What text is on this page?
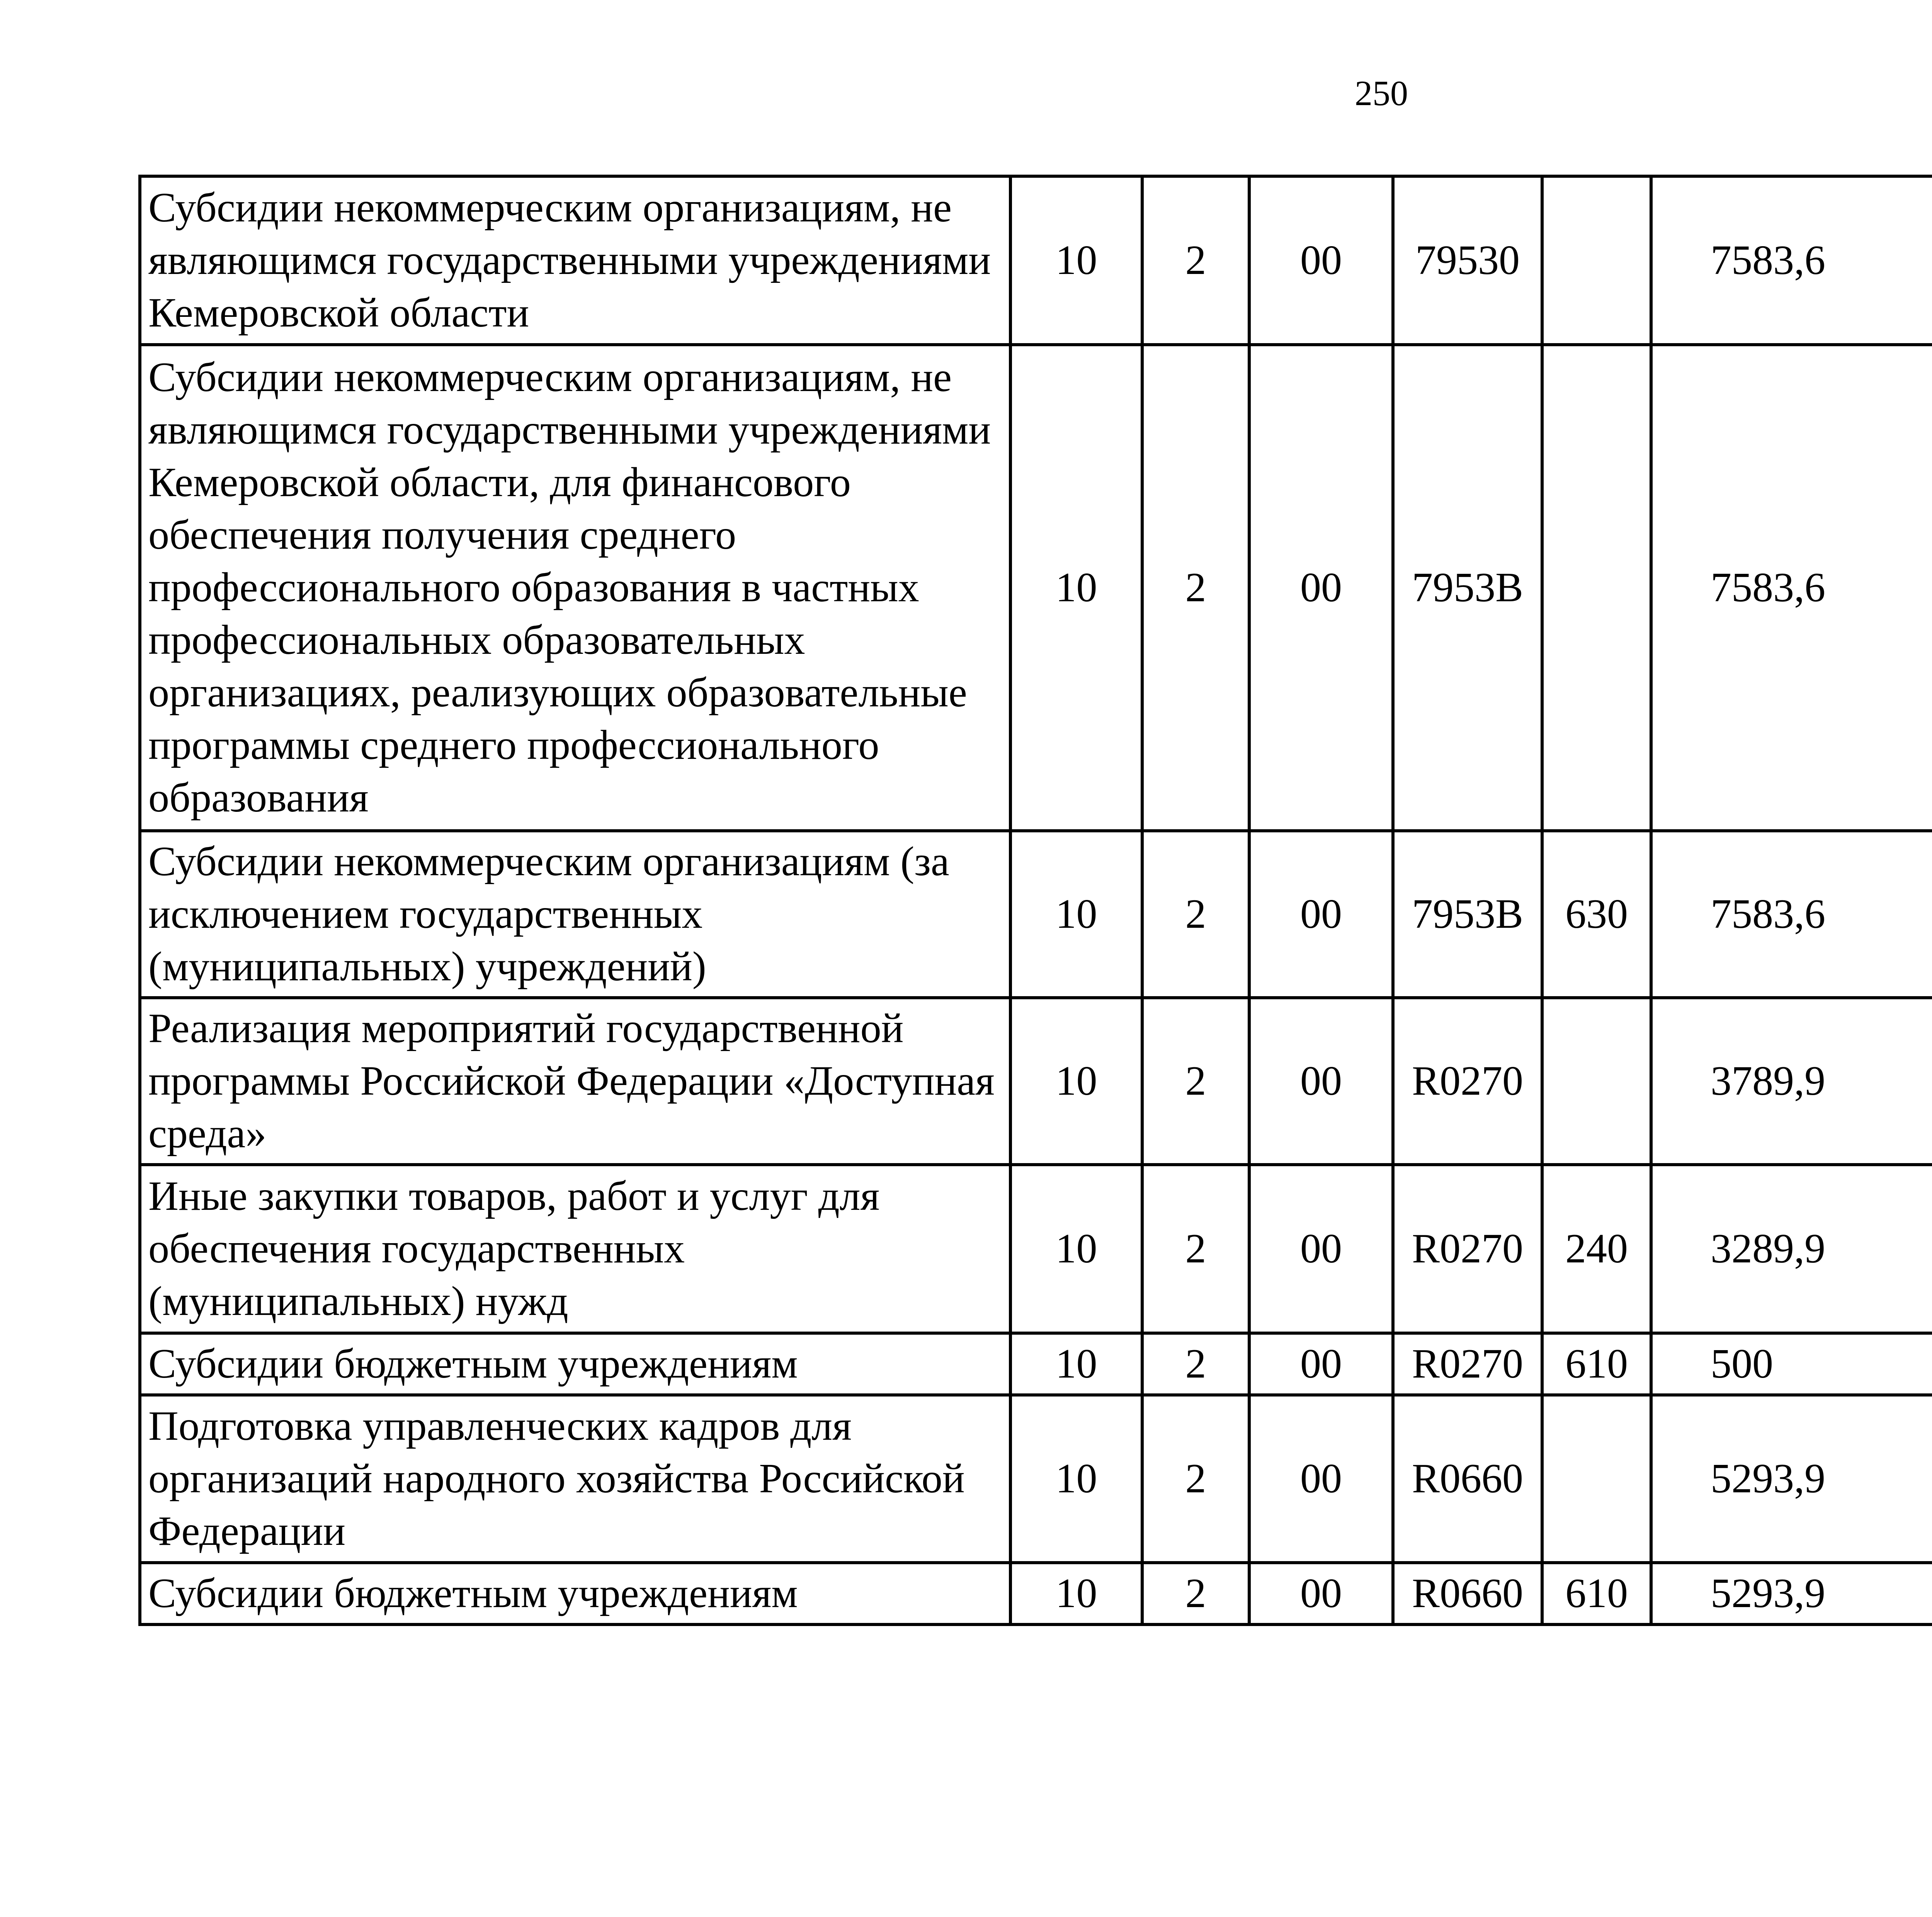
250
Субсидии некоммерческим организациям, не являющимся государственными учреждениями Кемеровской области	10	2	00	79530		7583,6		
Субсидии некоммерческим организациям, не являющимся государственными учреждениями Кемеровской области, для финансового обеспечения получения среднего профессионального образования в частных профессиональных образовательных организациях, реализующих образовательные программы среднего профессионального образования	10	2	00	7953B		7583,6		
Субсидии некоммерческим организациям (за исключением государственных (муниципальных) учреждений)	10	2	00	7953B	630	7583,6		
Реализация мероприятий государственной программы Российской Федерации «Доступная среда»	10	2	00	R0270		3789,9		
Иные закупки товаров, работ и услуг для обеспечения государственных (муниципальных) нужд	10	2	00	R0270	240	3289,9		
Субсидии бюджетным учреждениям	10	2	00	R0270	610	500		
Подготовка управленческих кадров для организаций народного хозяйства Российской Федерации	10	2	00	R0660		5293,9		
Субсидии бюджетным учреждениям	10	2	00	R0660	610	5293,9		
